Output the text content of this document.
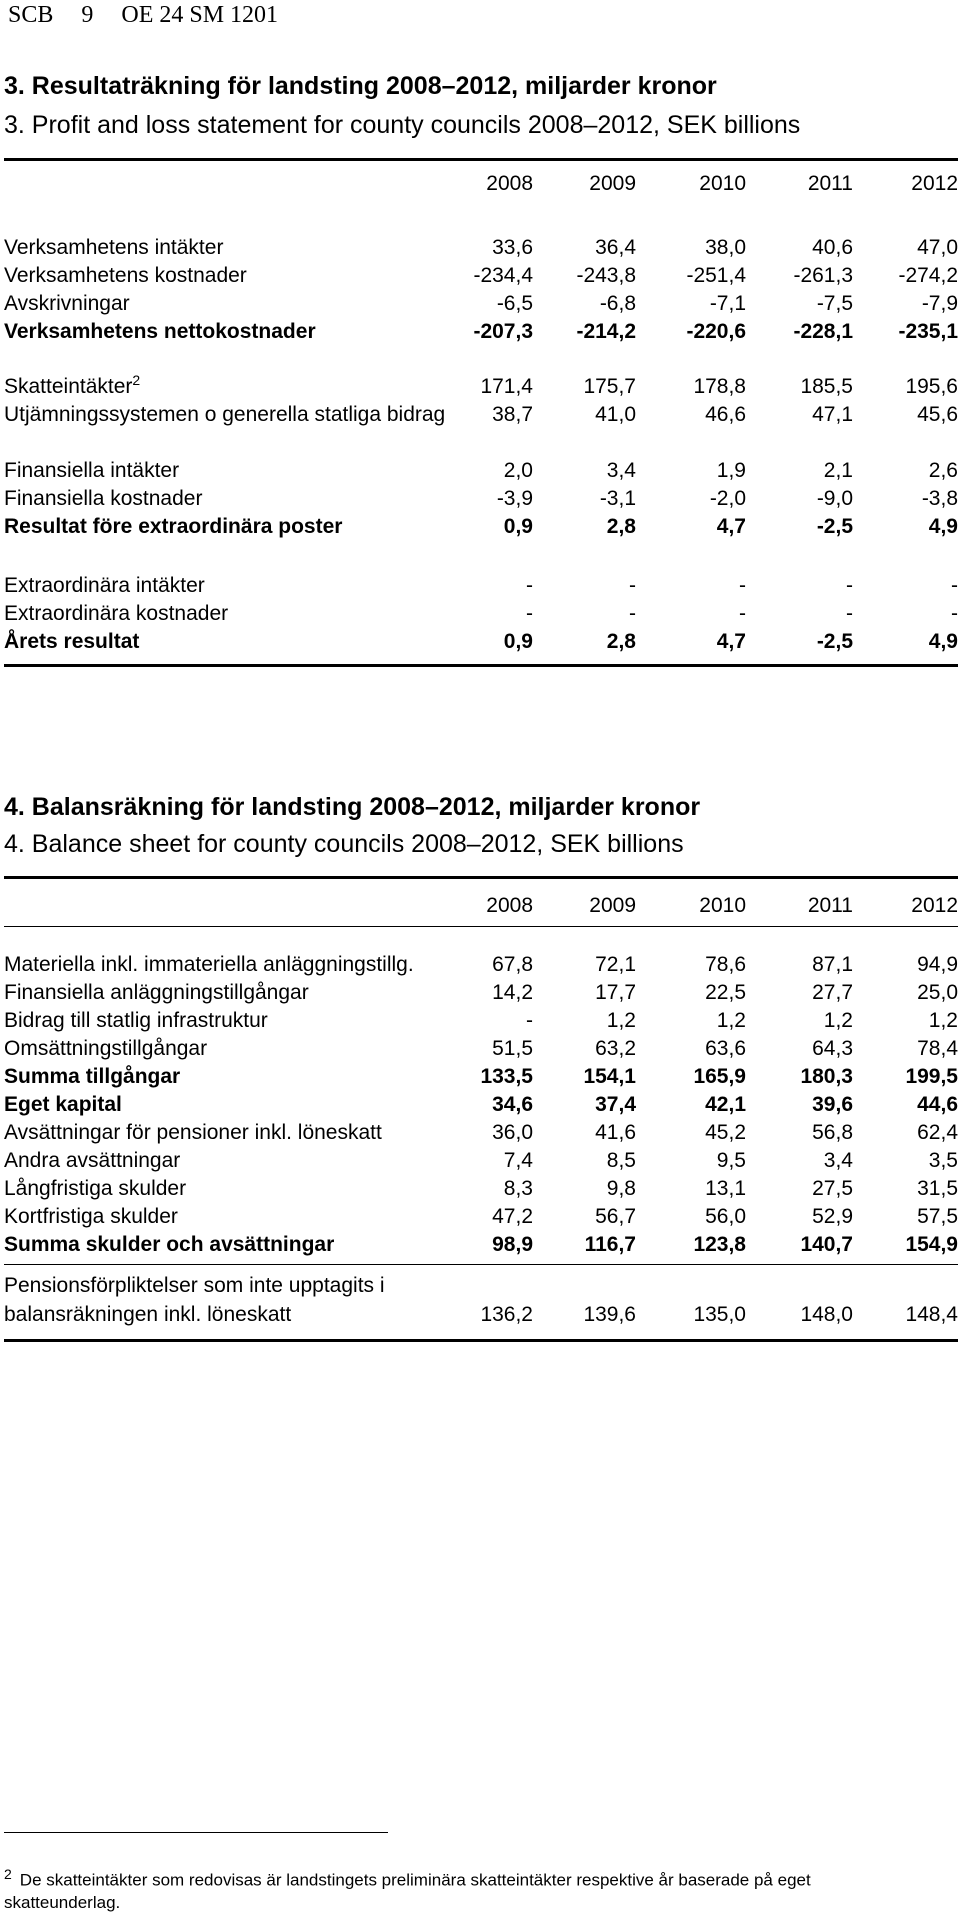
SCB 9 OE 24 SM 1201
3. Resultaträkning för landsting 2008–2012, miljarder kronor
3. Profit and loss statement for county councils 2008–2012, SEK billions
2008	2009	2010	2011	2012
Verksamhetens intäkter	33,6	36,4	38,0	40,6	47,0
Verksamhetens kostnader	-234,4	-243,8	-251,4	-261,3	-274,2
Avskrivningar	-6,5	-6,8	-7,1	-7,5	-7,9
Verksamhetens nettokostnader	-207,3	-214,2	-220,6	-228,1	-235,1
Skatteintäkter$^2$	171,4	175,7	178,8	185,5	195,6
Utjämningssystemen o generella statliga bidrag	38,7	41,0	46,6	47,1	45,6
Finansiella intäkter	2,0	3,4	1,9	2,1	2,6
Finansiella kostnader	-3,9	-3,1	-2,0	-9,0	-3,8
Resultat före extraordinära poster	0,9	2,8	4,7	-2,5	4,9
Extraordinära intäkter	-	-	-	-	-
Extraordinära kostnader	-	-	-	-	-
Årets resultat	0,9	2,8	4,7	-2,5	4,9
4. Balansräkning för landsting 2008–2012, miljarder kronor
4. Balance sheet for county councils 2008–2012, SEK billions
2008	2009	2010	2011	2012
Materiella inkl. immateriella anläggningstillg.	67,8	72,1	78,6	87,1	94,9
Finansiella anläggningstillgångar	14,2	17,7	22,5	27,7	25,0
Bidrag till statlig infrastruktur	-	1,2	1,2	1,2	1,2
Omsättningstillgångar	51,5	63,2	63,6	64,3	78,4
Summa tillgångar	133,5	154,1	165,9	180,3	199,5
Eget kapital	34,6	37,4	42,1	39,6	44,6
Avsättningar för pensioner inkl. löneskatt	36,0	41,6	45,2	56,8	62,4
Andra avsättningar	7,4	8,5	9,5	3,4	3,5
Långfristiga skulder	8,3	9,8	13,1	27,5	31,5
Kortfristiga skulder	47,2	56,7	56,0	52,9	57,5
Summa skulder och avsättningar	98,9	116,7	123,8	140,7	154,9
Pensionsförpliktelser som inte upptagits i balansräkningen inkl. löneskatt	136,2	139,6	135,0	148,0	148,4
$^2$ De skatteintäkter som redovisas är landstingets preliminära skatteintäkter respektive år baserade på eget skatteunderlag.
